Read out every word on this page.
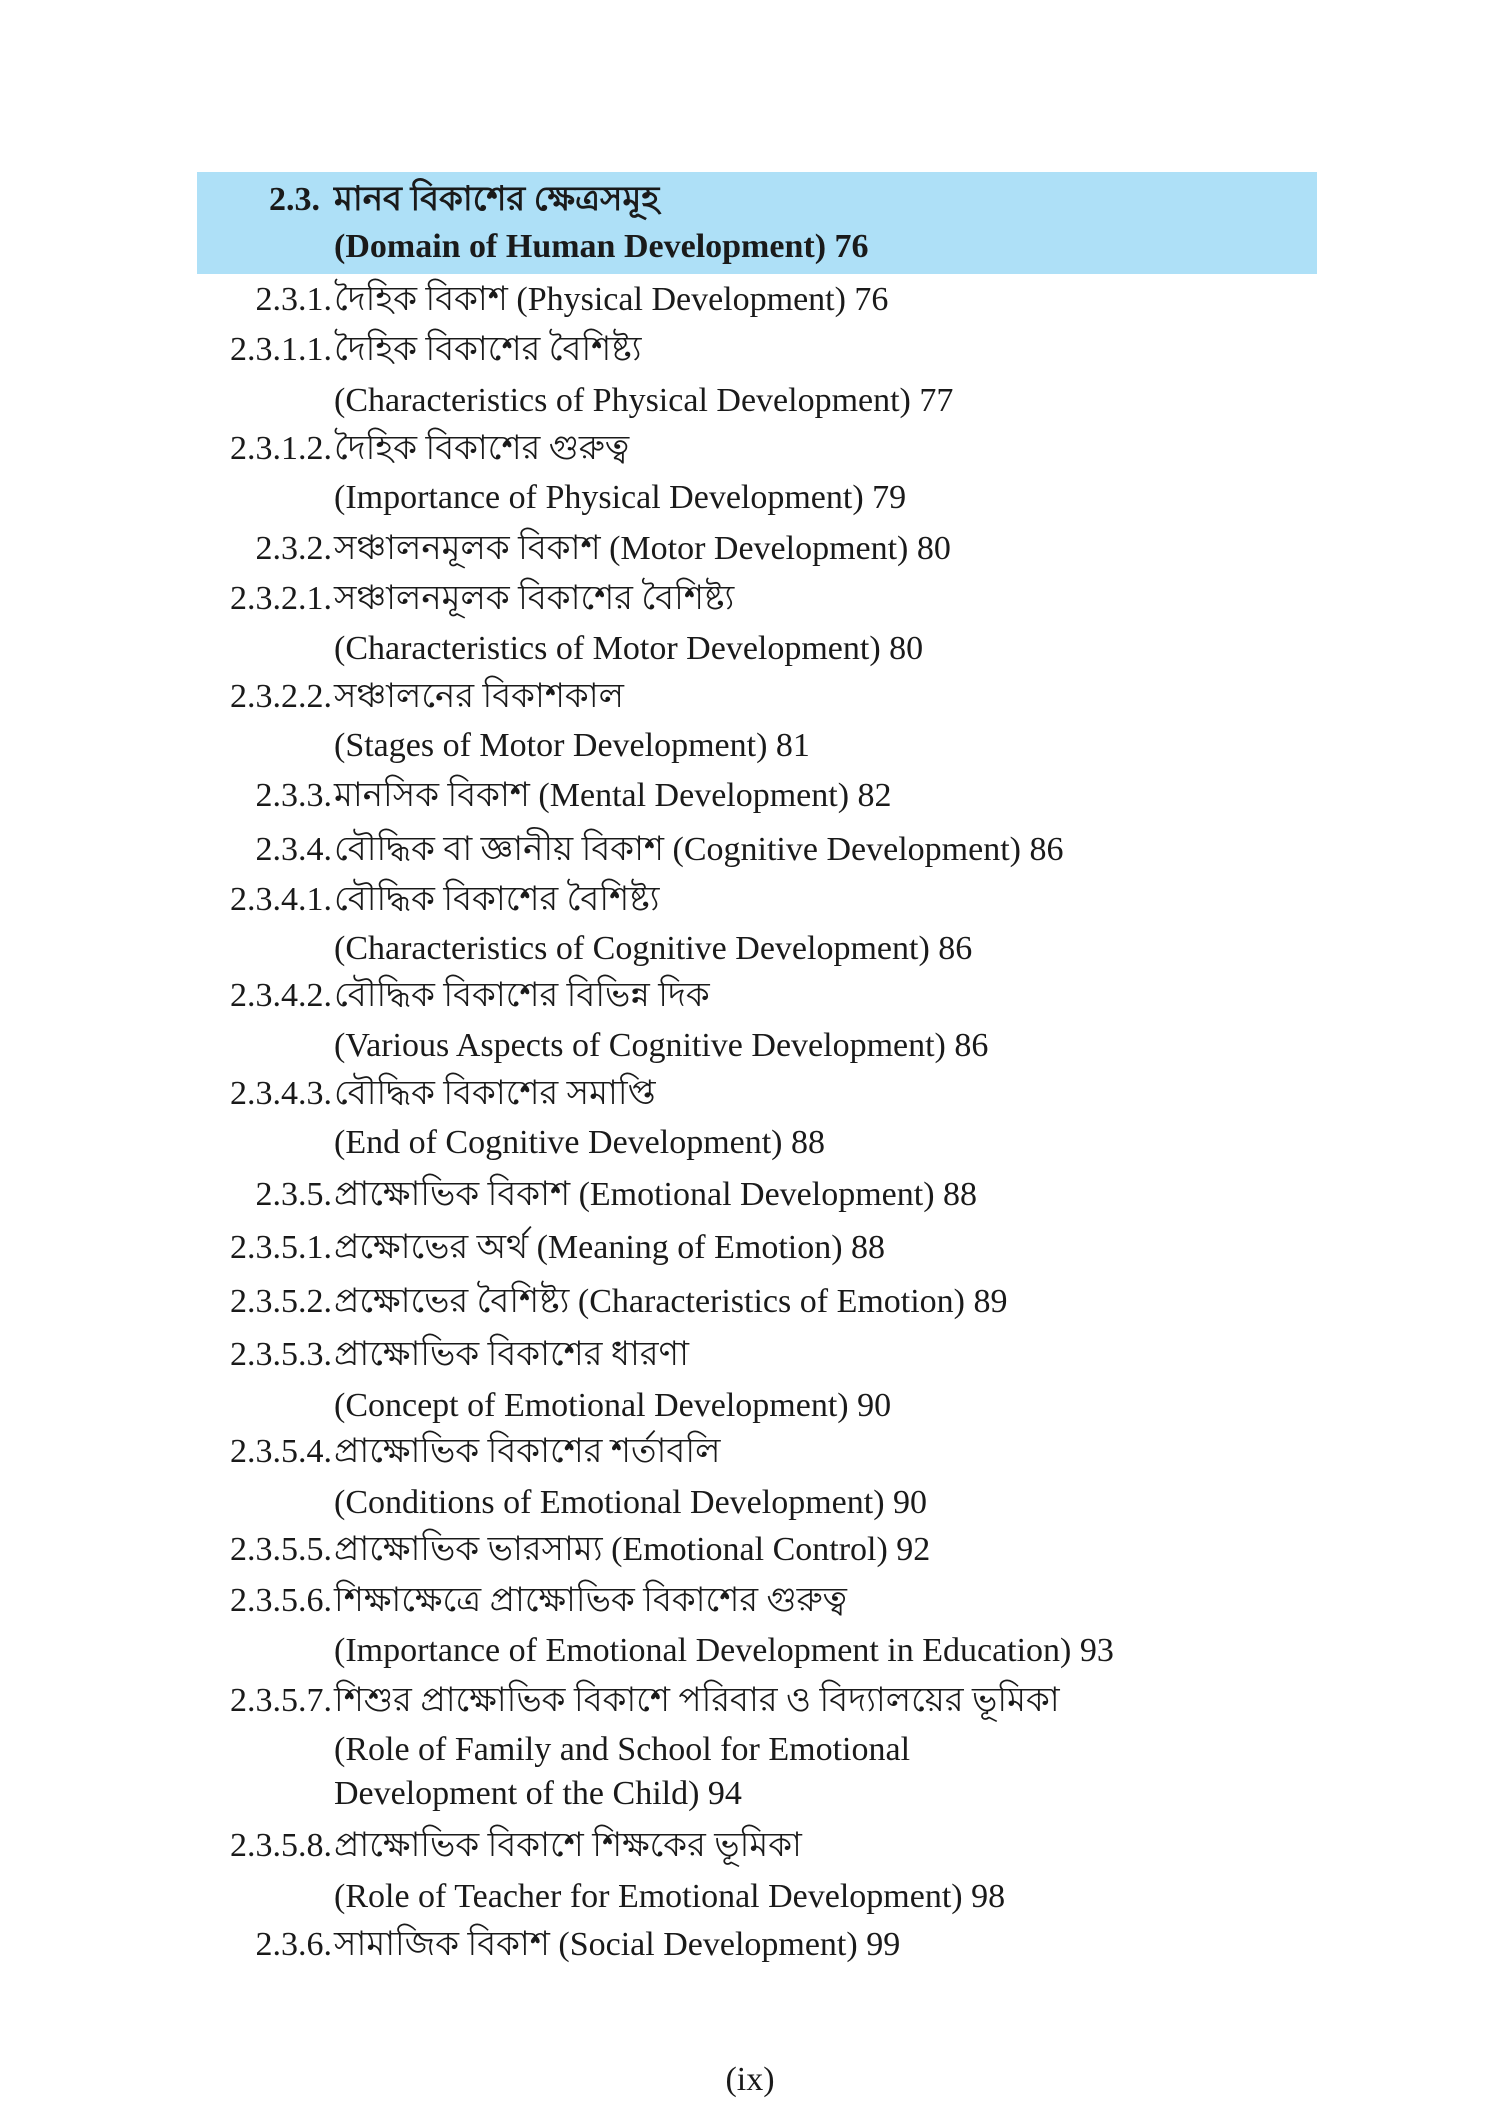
2.3. মানব বিকাশের ক্ষেত্রসমূহ
(Domain of Human Development) 76
2.3.1. দৈহিক বিকাশ (Physical Development) 76
2.3.1.1. দৈহিক বিকাশের বৈশিষ্ট্য
(Characteristics of Physical Development) 77
2.3.1.2. দৈহিক বিকাশের গুরুত্ব
(Importance of Physical Development) 79
2.3.2. সঞ্চালনমূলক বিকাশ (Motor Development) 80
2.3.2.1. সঞ্চালনমূলক বিকাশের বৈশিষ্ট্য
(Characteristics of Motor Development) 80
2.3.2.2. সঞ্চালনের বিকাশকাল
(Stages of Motor Development) 81
2.3.3. মানসিক বিকাশ (Mental Development) 82
2.3.4. বৌদ্ধিক বা জ্ঞানীয় বিকাশ (Cognitive Development) 86
2.3.4.1. বৌদ্ধিক বিকাশের বৈশিষ্ট্য
(Characteristics of Cognitive Development) 86
2.3.4.2. বৌদ্ধিক বিকাশের বিভিন্ন দিক
(Various Aspects of Cognitive Development) 86
2.3.4.3. বৌদ্ধিক বিকাশের সমাপ্তি
(End of Cognitive Development) 88
2.3.5. প্রাক্ষোভিক বিকাশ (Emotional Development) 88
2.3.5.1. প্রক্ষোভের অর্থ (Meaning of Emotion) 88
2.3.5.2. প্রক্ষোভের বৈশিষ্ট্য (Characteristics of Emotion) 89
2.3.5.3. প্রাক্ষোভিক বিকাশের ধারণা
(Concept of Emotional Development) 90
2.3.5.4. প্রাক্ষোভিক বিকাশের শর্তাবলি
(Conditions of Emotional Development) 90
2.3.5.5. প্রাক্ষোভিক ভারসাম্য (Emotional Control) 92
2.3.5.6. শিক্ষাক্ষেত্রে প্রাক্ষোভিক বিকাশের গুরুত্ব
(Importance of Emotional Development in Education) 93
2.3.5.7. শিশুর প্রাক্ষোভিক বিকাশে পরিবার ও বিদ্যালয়ের ভূমিকা
(Role of Family and School for Emotional
Development of the Child) 94
2.3.5.8. প্রাক্ষোভিক বিকাশে শিক্ষকের ভূমিকা
(Role of Teacher for Emotional Development) 98
2.3.6. সামাজিক বিকাশ (Social Development) 99
(ix)
